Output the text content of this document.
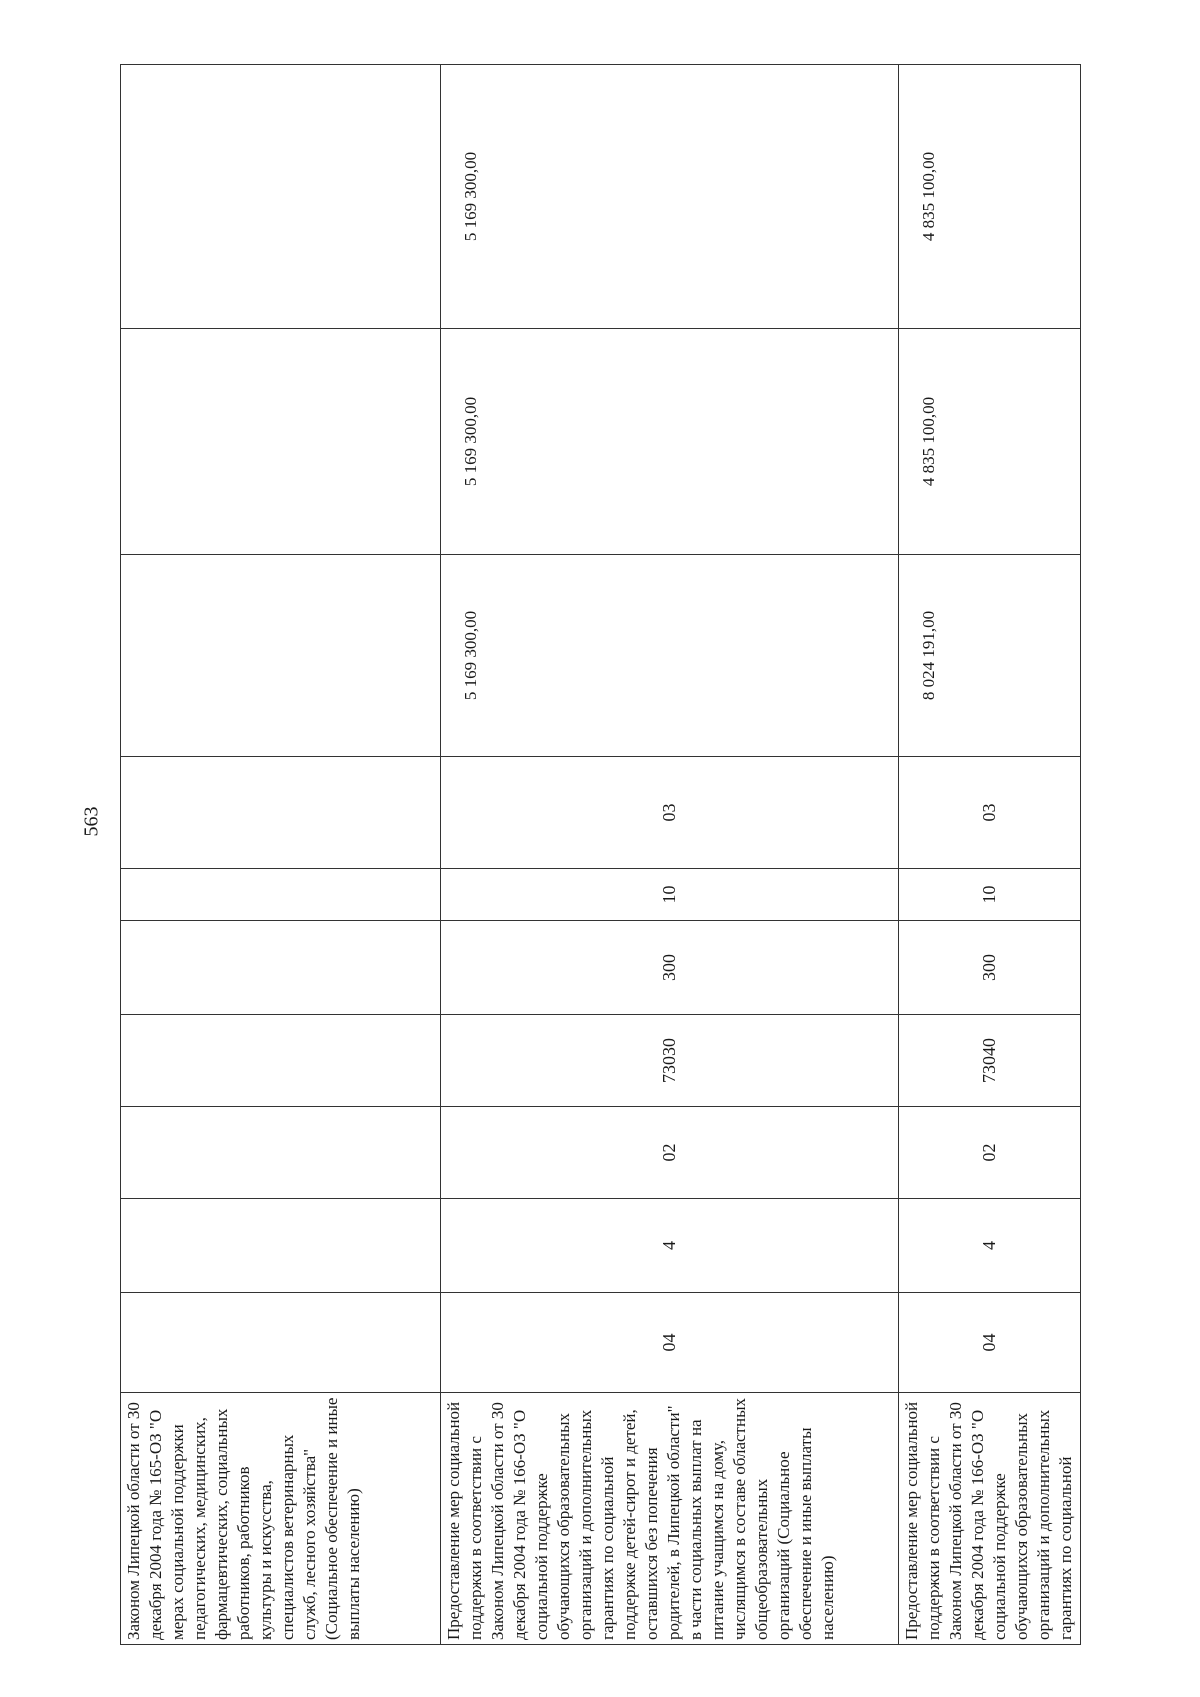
563
Законом Липецкой области от 30 декабря 2004 года № 165-ОЗ "О мерах социальной поддержки педагогических, медицинских, фармацевтических, социальных работников, работников
культуры и искусства, специалистов ветеринарных служб, лесного хозяйства" (Социальное обеспечение и иные выплаты населению)										
Предоставление мер социальной поддержки в соответствии с Законом Липецкой области от 30 декабря 2004 года № 166-ОЗ "О социальной поддержке обучающихся образовательных организаций и дополнительных гарантиях по социальной поддержке детей-сирот и детей, оставшихся без попечения родителей, в Липецкой области" в части социальных выплат на питание учащимся на дому, числящимся в составе областных общеобразовательных организаций (Социальное обеспечение и иные выплаты населению)	04	4	02	73030	300	10	03	5 169 300,00	5 169 300,00	5 169 300,00
Предоставление мер социальной поддержки в соответствии с Законом Липецкой области от 30 декабря 2004 года № 166-ОЗ "О социальной поддержке обучающихся образовательных организаций и дополнительных гарантиях по социальной	04	4	02	73040	300	10	03	8 024 191,00	4 835 100,00	4 835 100,00
